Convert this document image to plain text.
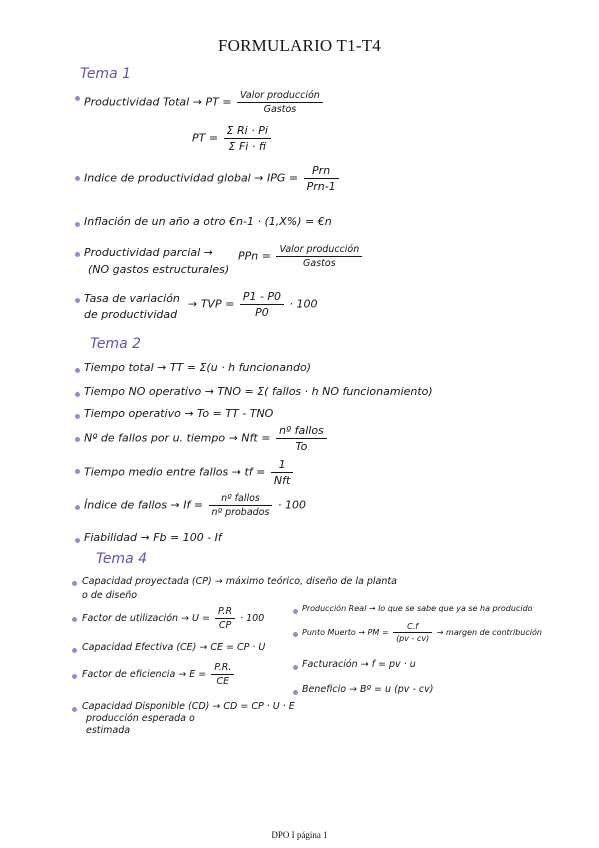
FORMULARIO T1-T4
Tema 1
Productividad Total → PT = $\frac{\text{Valor producción}}{\text{Gastos}}$
PT = $\frac{\text{Σ Ri · Pi}}{\text{Σ Fi · fi}}$
Indice de productividad global → IPG = $\frac{\text{Prn}}{\text{Prn-1}}$
Inflación de un año a otro €n-1 · (1,X%) = €n
Productividad parcial →
(NO gastos estructurales)
PPn = $\frac{\text{Valor producción}}{\text{Gastos}}$
Tasa de variación
de productividad
→ TVP = $\frac{P1 - P0}{P0} \cdot 100$
Tema 2
Tiempo total → TT = Σ(u · h funcionando)
Tiempo NO operativo → TNO = Σ( fallos · h NO funcionamiento)
Tiempo operativo → To = TT - TNO
Nº de fallos por u. tiempo → Nft = $\frac{\text{nº fallos}}{To}$
Tiempo medio entre fallos → tf = $\frac{1}{\text{Nft}}$
Índice de fallos → $If = \frac{\text{nº fallos}}{\text{nº probados}} \cdot 100$
Fiabilidad → Fb = 100 - If
Tema 4
Capacidad proyectada (CP) → máximo teórico, diseño de la planta
o de diseño
Factor de utilización → $U = \frac{P.R}{CP} \cdot 100$
Capacidad Efectiva (CE) → CE = CP · U
Factor de eficiencia → $E = \frac{P.R.}{CE}$
Capacidad Disponible (CD) → CD = CP · U · E
producción esperada o
estimada
Producción Real → lo que se sabe que ya se ha producido
Punto Muerto → PM = $\frac{C.f}{(pv - cv)}$ → margen de contribución
Facturación → f = pv · u
Beneficio → Bº = u (pv - cv)
DPO I página 1
